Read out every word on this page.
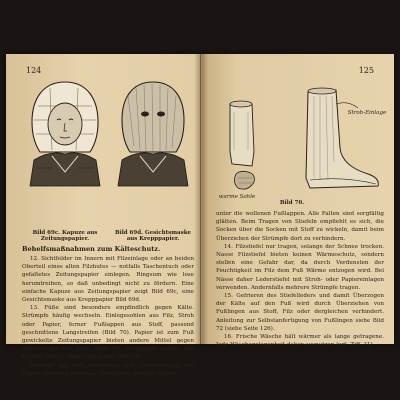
124
Bild 69c. Kapuze aus Zeitungspapier.
Bild 69d. Gesichtsmaske aus Krepppapier.
Behelfsmaßnahmen zum Kälteschutz.

12. Sichtfelder im Innern mit Filzeinlage oder an beiden Oberteil eines alten Filzhutes — notfalls Taschentuch oder gefaltetes Zeitungspapier einlegen. Ringsum wie lose herumtreiben, so daß unbedingt nicht zu fördern. Eine einfache Kapuze aus Zeitungspapier zeigt Bild 69c, eine Gesichtsmaske aus Krepppapier Bild 69d.

13. Füße sind besonders empfindlich gegen Kälte. Strümpfe häufig wechseln. Einlegesohlen aus Filz, Stroh oder Papier, ferner Fußlappen aus Stoff, passend geschnittene Langstreifen (Bild 70). Papier ist zum Fuß gewickelte Zeitungspapier bieten andere Mittel gegen Erfrierungen der Füße (Bild 71). Fußlappen sauber und trocken halten, Papierfußlappen (Bild 70).

Bewährt hat sich besonders eine Zwischenlage von Papier zwischen zwei Paar Strümpfen, darüber Papier.

125
Stroh-Einlage
warme Sohle
Bild 70.

unter die wollenen Fußlappen. Alle Falten sind sorgfältig glätten. Beim Tragen von Stiefeln empfiehlt es sich, die Socken über die Socken mit Stoff zu wickeln, damit beim Überziehen der Strümpfe dort zu verhindern.

14. Filzstiefel nur tragen, solange der Schnee trocken. Nasse Filzstiefel bieten keinen Wärmeschutz, sondern stellen eine Gefahr dar, da durch Verdunsten der Feuchtigkeit im Filz dem Fuß Wärme entzogen wird. Bei Nässe daher Lederstiefel mit Stroh- oder Papiereinlagen verwenden. Andernfalls mehrere Strümpfe tragen.

15. Gefrieren des Stiefelleders und damit Überzogen der Kälte auf den Fuß wird durch Überziehen von Fußlingen aus Stoff, Filz oder dergleichen verhindert. Anleitung zur Selbstanfertigung von Fußlingen siehe Bild 72 (siehe Seite 126).

16. Frische Wäsche hält wärmer als lange getragene. Jede Wäschegelegenheit daher ausnutzen (vgl. Ziff. 31).
